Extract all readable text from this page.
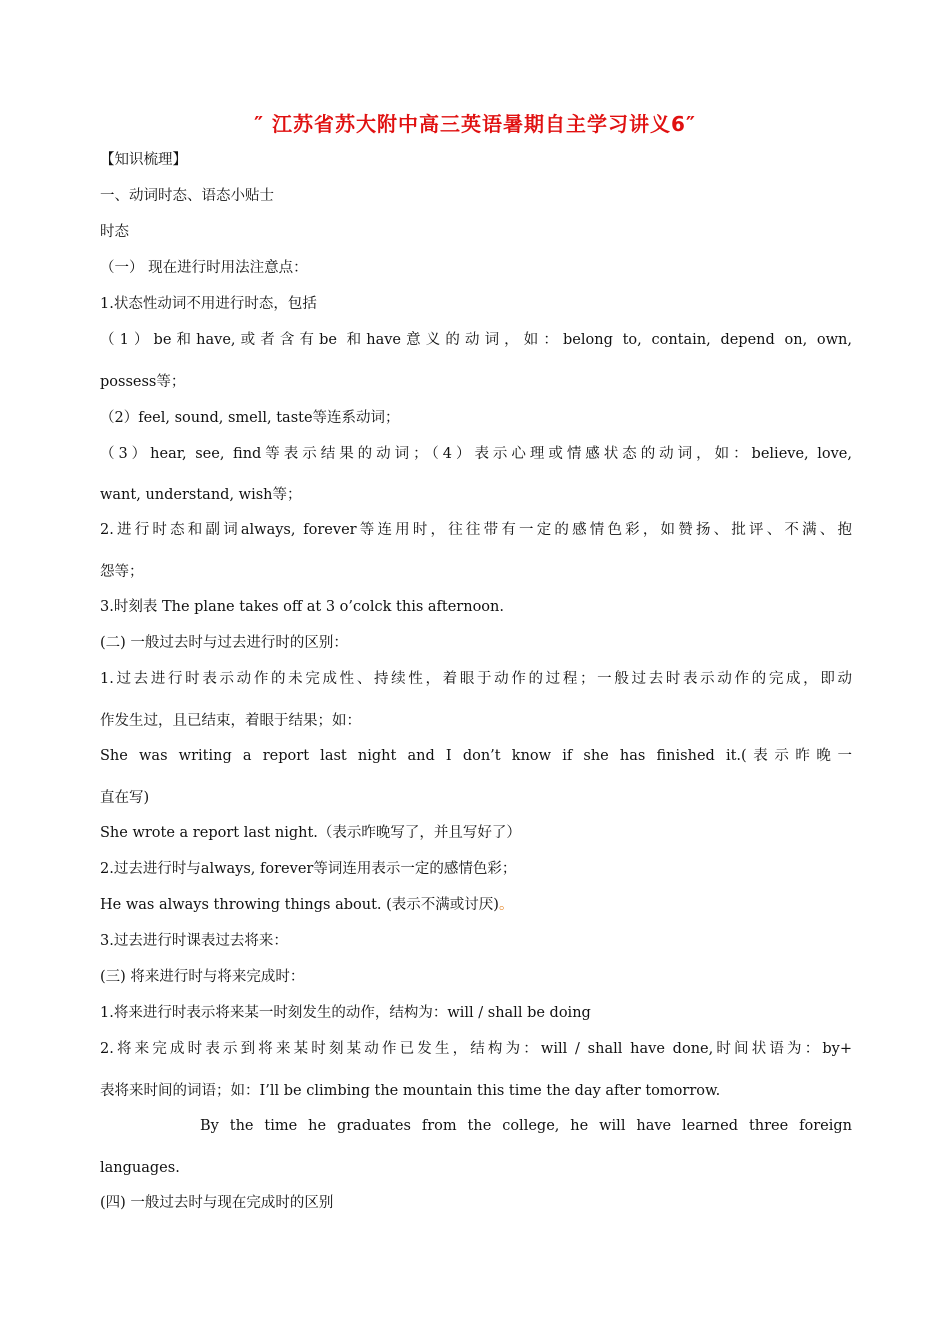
″ 江苏省苏大附中高三英语暑期自主学习讲义6″
【知识梳理】
一、动词时态、语态小贴士
时态
（一） 现在进行时用法注意点：
1.状态性动词不用进行时态，包括
（1）be和have,或者含有be 和have意义的动词，如：belong to, contain, depend on, own,
possess等；
（2）feel, sound, smell, taste等连系动词；
（3）hear, see, find等表示结果的动词；（4）表示心理或情感状态的动词，如：believe, love,
want, understand, wish等；
2.进行时态和副词always, forever等连用时，往往带有一定的感情色彩，如赞扬、批评、不满、抱
怨等；
3.时刻表 The plane takes off at 3 o’colck this afternoon.
(二) 一般过去时与过去进行时的区别：
1.过去进行时表示动作的未完成性、持续性，着眼于动作的过程；一般过去时表示动作的完成，即动
作发生过，且已结束，着眼于结果；如：
She was writing a report last night and I don’t know if she has finished it.(表示昨晚一
直在写)
She wrote a report last night.（表示昨晚写了，并且写好了）
2.过去进行时与always, forever等词连用表示一定的感情色彩；
He was always throwing things about. (表示不满或讨厌)。
3.过去进行时课表过去将来：
(三) 将来进行时与将来完成时：
1.将来进行时表示将来某一时刻发生的动作，结构为：will / shall be doing
2.将来完成时表示到将来某时刻某动作已发生，结构为：will / shall have done,时间状语为：by+
表将来时间的词语；如：I’ll be climbing the mountain this time the day after tomorrow.
By the time he graduates from the college, he will have learned three foreign
languages.
(四) 一般过去时与现在完成时的区别
